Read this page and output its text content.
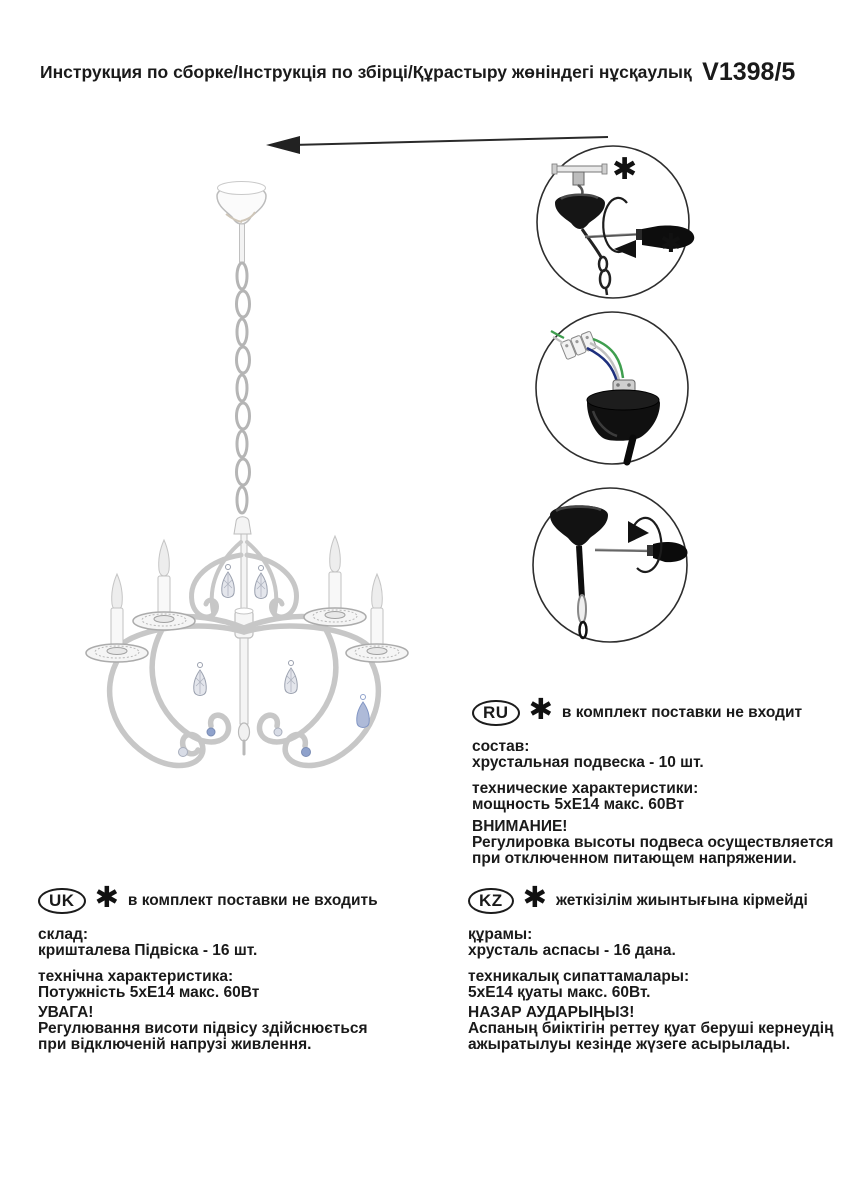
Инструкция по сборке/Інструкція по збірці/Құрастыру жөніндегі нұсқаулық V1398/5
✱
✱
RU ✱ в комплект поставки не входит
состав:
хрустальная подвеска - 10 шт.
технические характеристики:
мощность 5хЕ14 макс. 60Вт
ВНИМАНИЕ!
Регулировка высоты подвеса осуществляется
при отключенном питающем напряжении.
UK ✱ в комплект поставки не входить
склад:
кришталева Підвіска - 16 шт.
технічна характеристика:
Потужність 5хЕ14 макс. 60Вт
УВАГА!
Регулювання висоти підвісу здійснюється
при відключеній напрузі живлення.
KZ ✱ жеткізілім жиынтығына кірмейді
құрамы:
хрусталь аспасы - 16 дана.
техникалық сипаттамалары:
5хЕ14 қуаты макс. 60Вт.
НАЗАР АУДАРЫҢЫЗ!
Аспаның биіктігін реттеу қуат беруші кернеудің
ажыратылуы кезінде жүзеге асырылады.
